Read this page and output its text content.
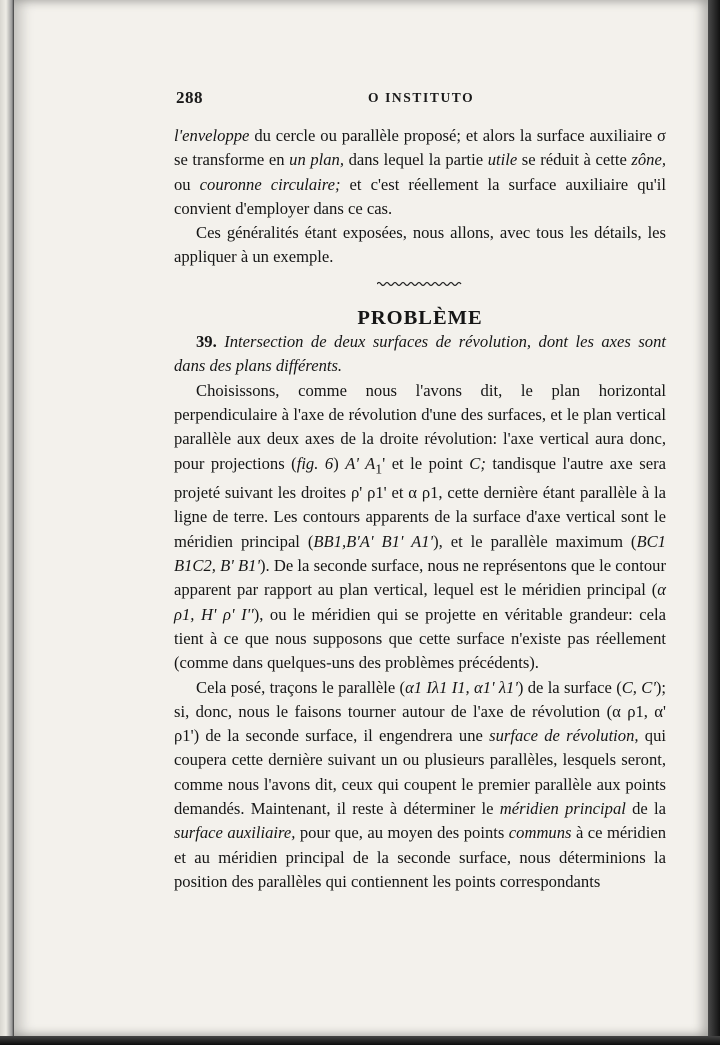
288	O INSTITUTO

l'enveloppe du cercle ou parallèle proposé; et alors la surface auxiliaire σ se transforme en un plan, dans lequel la partie utile se réduit à cette zône, ou couronne circulaire; et c'est réellement la surface auxiliaire qu'il convient d'employer dans ce cas.

Ces généralités étant exposées, nous allons, avec tous les détails, les appliquer à un exemple.

PROBLÈME

39. Intersection de deux surfaces de révolution, dont les axes sont dans des plans différents.

Choisissons, comme nous l'avons dit, le plan horizontal perpendiculaire à l'axe de révolution d'une des surfaces, et le plan vertical parallèle aux deux axes de la droite révolution: l'axe vertical aura donc, pour projections (fig. 6) A' $A_1'$ et le point C; tandisque l'autre axe sera projeté suivant les droites ρ' ρ1' et α ρ1, cette dernière étant parallèle à la ligne de terre. Les contours apparents de la surface d'axe vertical sont le méridien principal (BB1,B'A' B1' A1'), et le parallèle maximum (BC1 B1C2, B' B1'). De la seconde surface, nous ne représentons que le contour apparent par rapport au plan vertical, lequel est le méridien principal (α ρ1, H' ρ' I''), ou le méridien qui se projette en véritable grandeur: cela tient à ce que nous supposons que cette surface n'existe pas réellement (comme dans quelques-uns des problèmes précédents).

Cela posé, traçons le parallèle (α1 Iλ1 I1, α1' λ1') de la surface (C, C'); si, donc, nous le faisons tourner autour de l'axe de révolution (α ρ1, α' ρ1') de la seconde surface, il engendrera une surface de révolution, qui coupera cette dernière suivant un ou plusieurs parallèles, lesquels seront, comme nous l'avons dit, ceux qui coupent le premier parallèle aux points demandés. Maintenant, il reste à déterminer le méridien principal de la surface auxiliaire, pour que, au moyen des points communs à ce méridien et au méridien principal de la seconde surface, nous déterminions la position des parallèles qui contiennent les points correspondants
